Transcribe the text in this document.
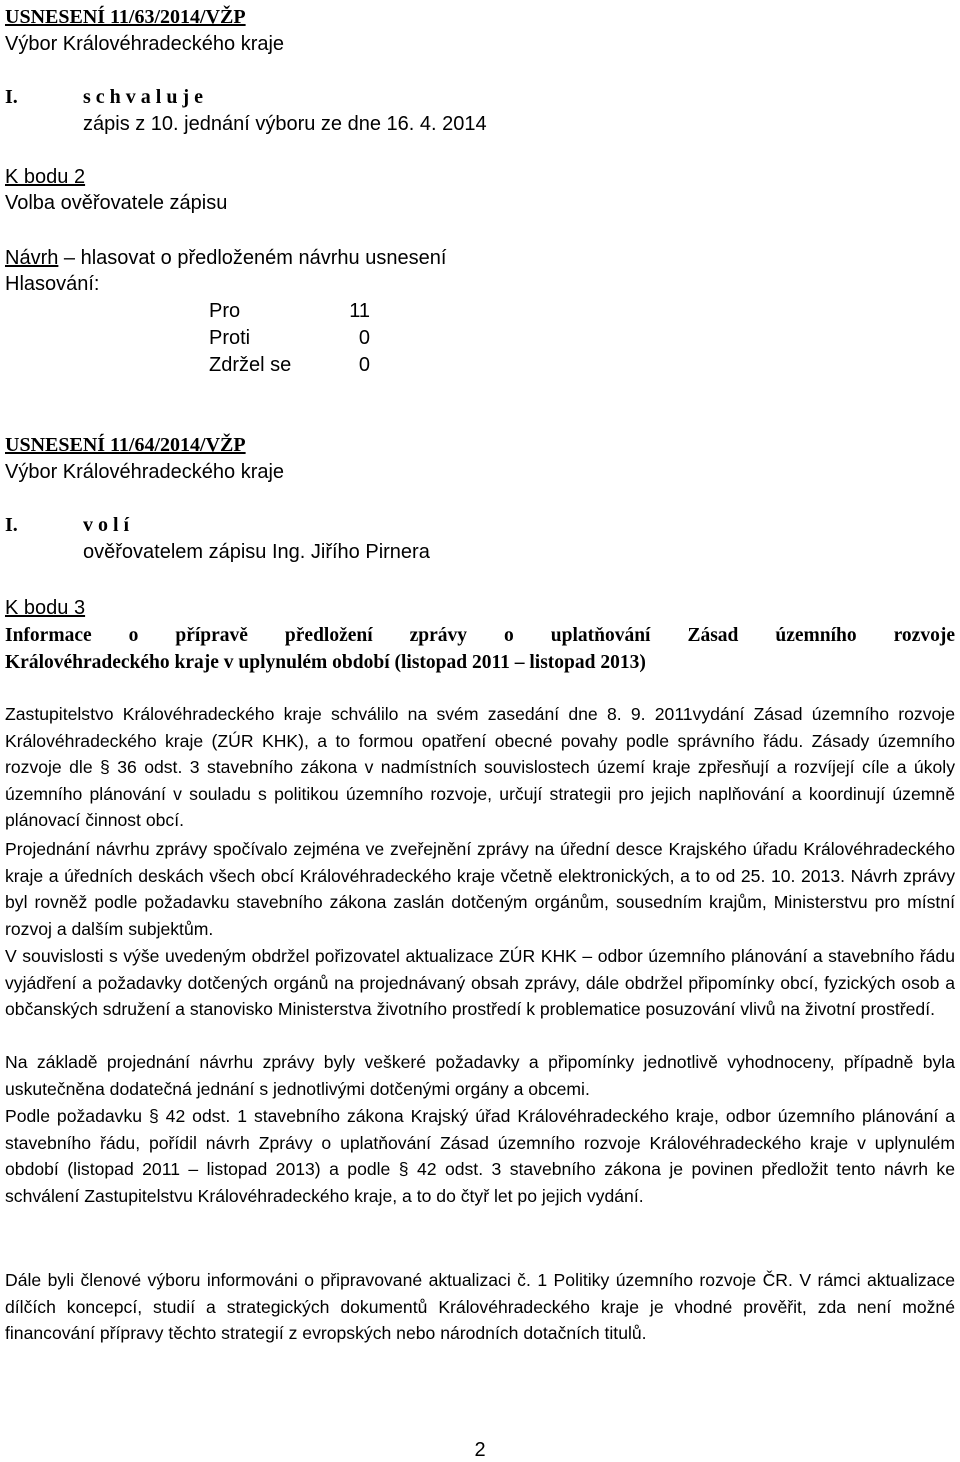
USNESENÍ 11/63/2014/VŽP
Výbor Královéhradeckého kraje
I.	s c h v a l u j e
zápis z 10. jednání výboru ze dne 16. 4. 2014
K bodu 2
Volba ověřovatele zápisu
Návrh – hlasovat o předloženém návrhu usnesení
Hlasování:
Pro	11
Proti	0
Zdržel se	0
USNESENÍ 11/64/2014/VŽP
Výbor Královéhradeckého kraje
I.	v o l í
ověřovatelem zápisu Ing. Jiřího Pirnera
K bodu 3
Informace o přípravě předložení zprávy o uplatňování Zásad územního rozvoje
Královéhradeckého kraje v uplynulém období (listopad 2011 – listopad 2013)
Zastupitelstvo Královéhradeckého kraje schválilo na svém zasedání dne 8. 9. 2011vydání Zásad územního rozvoje Královéhradeckého kraje (ZÚR KHK), a to formou opatření obecné povahy podle správního řádu. Zásady územního rozvoje dle § 36 odst. 3 stavebního zákona v nadmístních souvislostech území kraje zpřesňují a rozvíjejí cíle a úkoly územního plánování v souladu s politikou územního rozvoje, určují strategii pro jejich naplňování a koordinují územně plánovací činnost obcí.
Projednání návrhu zprávy spočívalo zejména ve zveřejnění zprávy na úřední desce Krajského úřadu Královéhradeckého kraje a úředních deskách všech obcí Královéhradeckého kraje včetně elektronických, a to od 25. 10. 2013. Návrh zprávy byl rovněž podle požadavku stavebního zákona zaslán dotčeným orgánům, sousedním krajům, Ministerstvu pro místní rozvoj a dalším subjektům.
V souvislosti s výše uvedeným obdržel pořizovatel aktualizace ZÚR KHK – odbor územního plánování a stavebního řádu vyjádření a požadavky dotčených orgánů na projednávaný obsah zprávy, dále obdržel připomínky obcí, fyzických osob a občanských sdružení a stanovisko Ministerstva životního prostředí k problematice posuzování vlivů na životní prostředí.
Na základě projednání návrhu zprávy byly veškeré požadavky a připomínky jednotlivě vyhodnoceny, případně byla uskutečněna dodatečná jednání s jednotlivými dotčenými orgány a obcemi.
Podle požadavku § 42 odst. 1 stavebního zákona Krajský úřad Královéhradeckého kraje, odbor územního plánování a stavebního řádu, pořídil návrh Zprávy o uplatňování Zásad územního rozvoje Královéhradeckého kraje v uplynulém období (listopad 2011 – listopad 2013) a podle § 42 odst. 3 stavebního zákona je povinen předložit tento návrh ke schválení Zastupitelstvu Královéhradeckého kraje, a to do čtyř let po jejich vydání.
Dále byli členové výboru informováni o připravované aktualizaci č. 1 Politiky územního rozvoje ČR. V rámci aktualizace dílčích koncepcí, studií a strategických dokumentů Královéhradeckého kraje je vhodné prověřit, zda není možné financování přípravy těchto strategií z evropských nebo národních dotačních titulů.
2
